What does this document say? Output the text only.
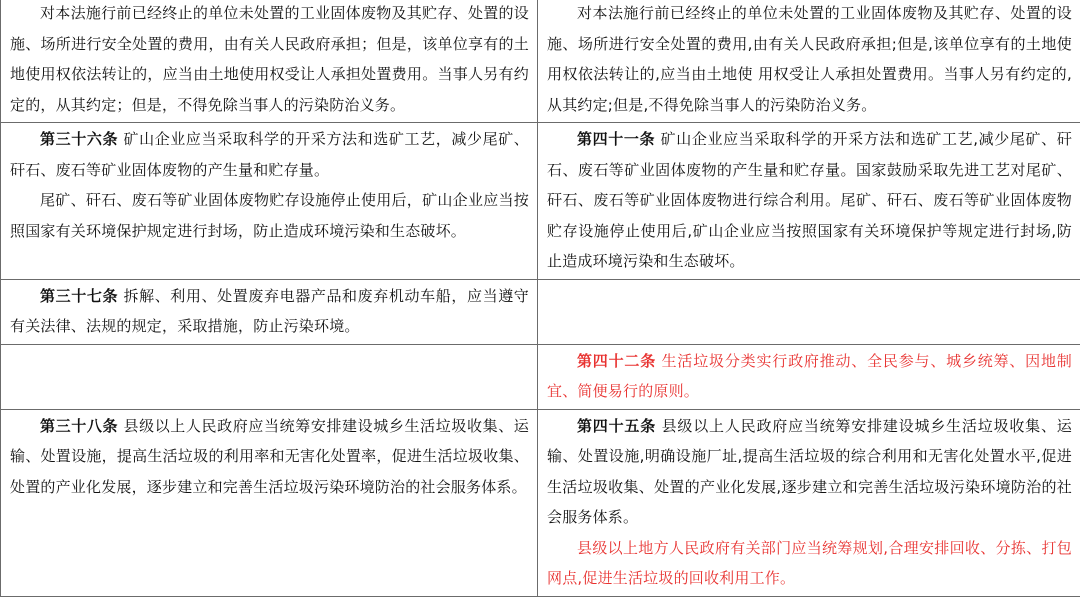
对本法施行前已经终止的单位未处置的工业固体废物及其贮存、处置的设施、场所进行安全处置的费用，由有关人民政府承担；但是，该单位享有的土地使用权依法转让的，应当由土地使用权受让人承担处置费用。当事人另有约定的，从其约定；但是，不得免除当事人的污染防治义务。	对本法施行前已经终止的单位未处置的工业固体废物及其贮存、处置的设施、场所进行安全处置的费用,由有关人民政府承担;但是,该单位享有的土地使用权依法转让的,应当由土地使 用权受让人承担处置费用。当事人另有约定的,从其约定;但是,不得免除当事人的污染防治义务。

第三十六条 矿山企业应当采取科学的开采方法和选矿工艺，减少尾矿、矸石、废石等矿业固体废物的产生量和贮存量。

尾矿、矸石、废石等矿业固体废物贮存设施停止使用后，矿山企业应当按照国家有关环境保护规定进行封场，防止造成环境污染和生态破坏。	第四十一条 矿山企业应当采取科学的开采方法和选矿工艺,减少尾矿、矸石、废石等矿业固体废物的产生量和贮存量。国家鼓励采取先进工艺对尾矿、矸石、废石等矿业固体废物进行综合利用。尾矿、矸石、废石等矿业固体废物贮存设施停止使用后,矿山企业应当按照国家有关环境保护等规定进行封场,防止造成环境污染和生态破坏。

第三十七条 拆解、利用、处置废弃电器产品和废弃机动车船，应当遵守有关法律、法规的规定，采取措施，防止污染环境。	

	第四十二条 生活垃圾分类实行政府推动、全民参与、城乡统筹、因地制宜、简便易行的原则。

第三十八条 县级以上人民政府应当统筹安排建设城乡生活垃圾收集、运输、处置设施，提高生活垃圾的利用率和无害化处置率，促进生活垃圾收集、处置的产业化发展，逐步建立和完善生活垃圾污染环境防治的社会服务体系。	第四十五条 县级以上人民政府应当统筹安排建设城乡生活垃圾收集、运输、处置设施,明确设施厂址,提高生活垃圾的综合利用和无害化处置水平,促进生活垃圾收集、处置的产业化发展,逐步建立和完善生活垃圾污染环境防治的社会服务体系。

县级以上地方人民政府有关部门应当统筹规划,合理安排回收、分拣、打包网点,促进生活垃圾的回收利用工作。
